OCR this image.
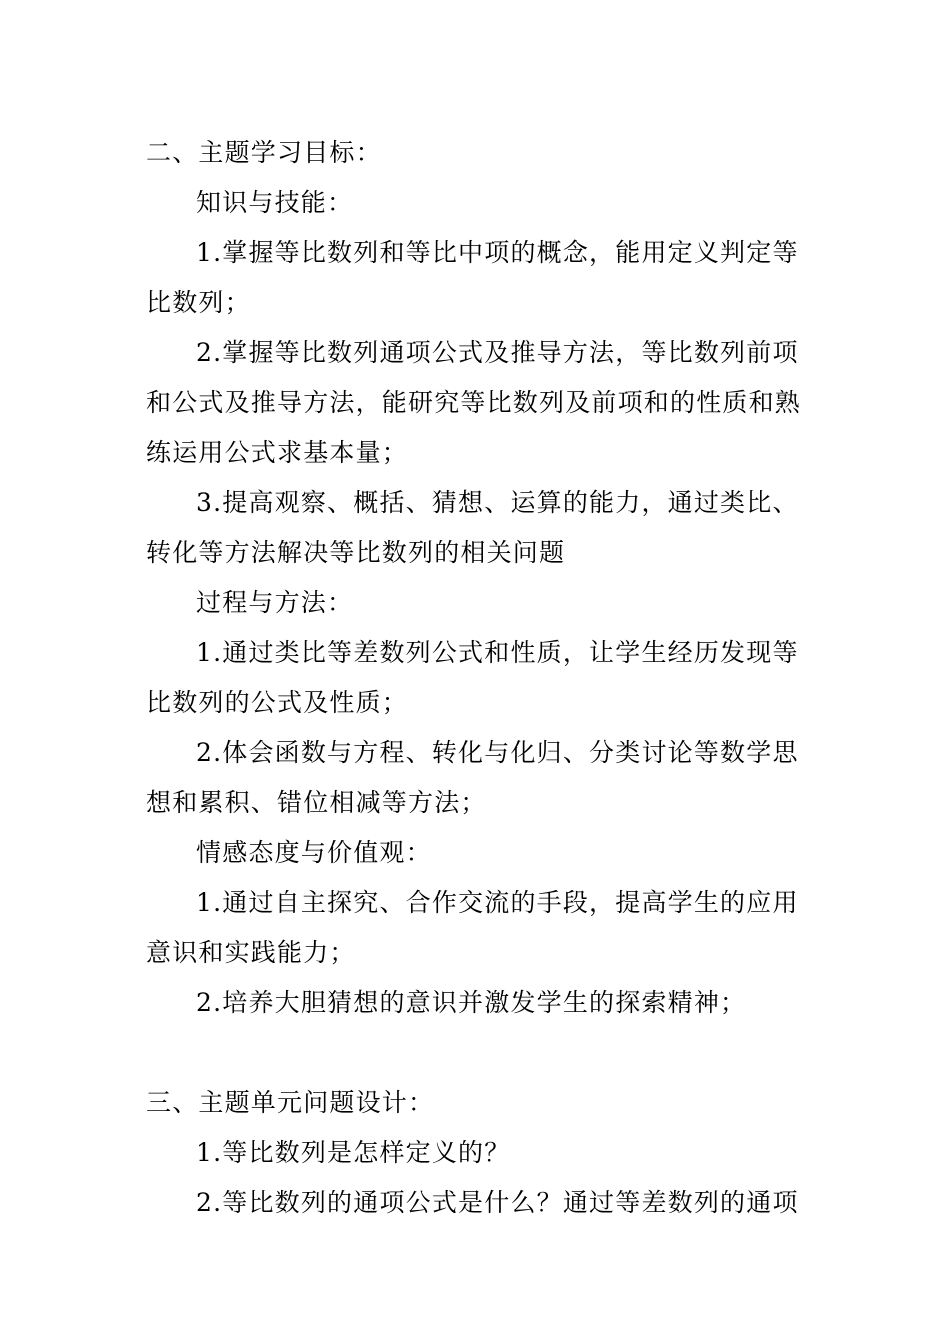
二、主题学习目标：
知识与技能：
1.掌握等比数列和等比中项的概念，能用定义判定等
比数列；
2.掌握等比数列通项公式及推导方法，等比数列前项
和公式及推导方法，能研究等比数列及前项和的性质和熟
练运用公式求基本量；
3.提高观察、概括、猜想、运算的能力，通过类比、
转化等方法解决等比数列的相关问题
过程与方法：
1.通过类比等差数列公式和性质，让学生经历发现等
比数列的公式及性质；
2.体会函数与方程、转化与化归、分类讨论等数学思
想和累积、错位相减等方法；
情感态度与价值观：
1.通过自主探究、合作交流的手段，提高学生的应用
意识和实践能力；
2.培养大胆猜想的意识并激发学生的探索精神；
三、主题单元问题设计：
1.等比数列是怎样定义的？
2.等比数列的通项公式是什么？通过等差数列的通项
